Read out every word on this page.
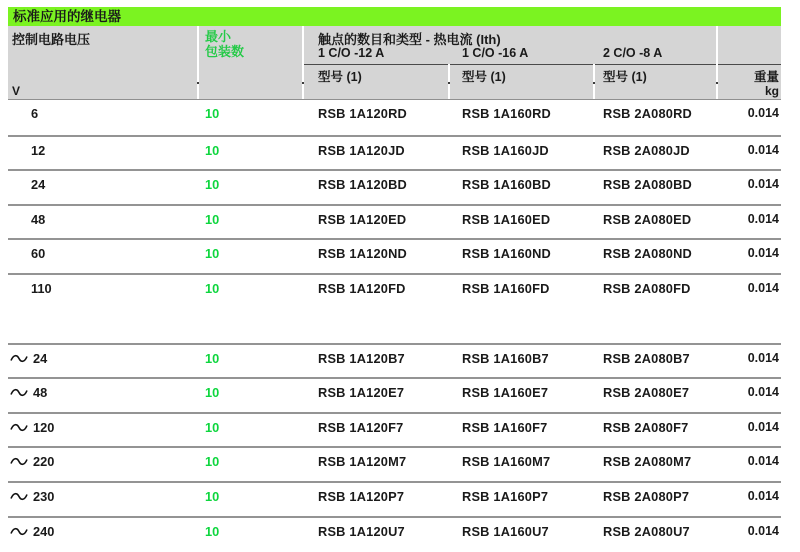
标准应用的继电器
控制电路电压	最小
包装数
触点的数目和类型 - 热电流 (Ith)
1 C/O -12 A	1 C/O -16 A	2 C/O -8 A
型号 (1)	型号 (1)	型号 (1)	重量
V	kg
6	10	RSB 1A120RD	RSB 1A160RD	RSB 2A080RD	0.014
12	10	RSB 1A120JD	RSB 1A160JD	RSB 2A080JD	0.014
24	10	RSB 1A120BD	RSB 1A160BD	RSB 2A080BD	0.014
48	10	RSB 1A120ED	RSB 1A160ED	RSB 2A080ED	0.014
60	10	RSB 1A120ND	RSB 1A160ND	RSB 2A080ND	0.014
110	10	RSB 1A120FD	RSB 1A160FD	RSB 2A080FD	0.014
24	10	RSB 1A120B7	RSB 1A160B7	RSB 2A080B7	0.014
48	10	RSB 1A120E7	RSB 1A160E7	RSB 2A080E7	0.014
120	10	RSB 1A120F7	RSB 1A160F7	RSB 2A080F7	0.014
220	10	RSB 1A120M7	RSB 1A160M7	RSB 2A080M7	0.014
230	10	RSB 1A120P7	RSB 1A160P7	RSB 2A080P7	0.014
240	10	RSB 1A120U7	RSB 1A160U7	RSB 2A080U7	0.014
